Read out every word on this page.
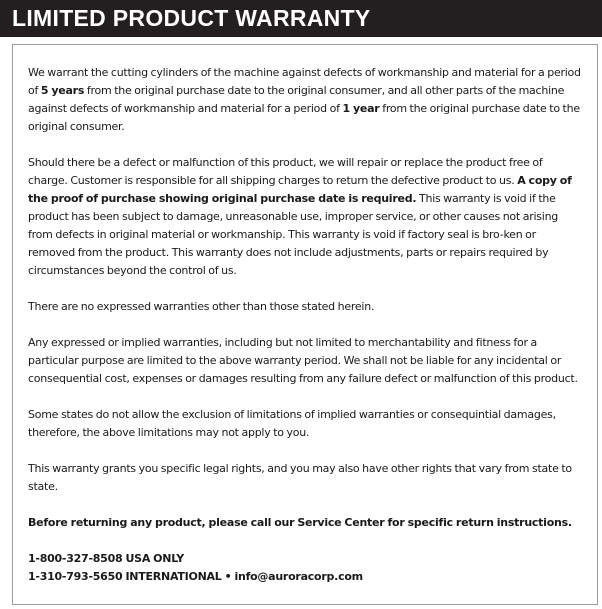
LIMITED PRODUCT WARRANTY

We warrant the cutting cylinders of the machine against defects of workmanship and material for a period of 5 years from the original purchase date to the original consumer, and all other parts of the machine against defects of workmanship and material for a period of 1 year from the original purchase date to the original consumer.

Should there be a defect or malfunction of this product, we will repair or replace the product free of charge. Customer is responsible for all shipping charges to return the defective product to us. A copy of the proof of purchase showing original purchase date is required. This warranty is void if the product has been subject to damage, unreasonable use, improper service, or other causes not arising from defects in original material or workmanship. This warranty is void if factory seal is bro-ken or removed from the product. This warranty does not include adjustments, parts or repairs required by circumstances beyond the control of us.

There are no expressed warranties other than those stated herein.

Any expressed or implied warranties, including but not limited to merchantability and fitness for a particular purpose are limited to the above warranty period. We shall not be liable for any incidental or consequential cost, expenses or damages resulting from any failure defect or malfunction of this product.

Some states do not allow the exclusion of limitations of implied warranties or consequintial damages, therefore, the above limitations may not apply to you.

This warranty grants you specific legal rights, and you may also have other rights that vary from state to state.

Before returning any product, please call our Service Center for specific return instructions.

1-800-327-8508 USA ONLY
1-310-793-5650 INTERNATIONAL • info@auroracorp.com
